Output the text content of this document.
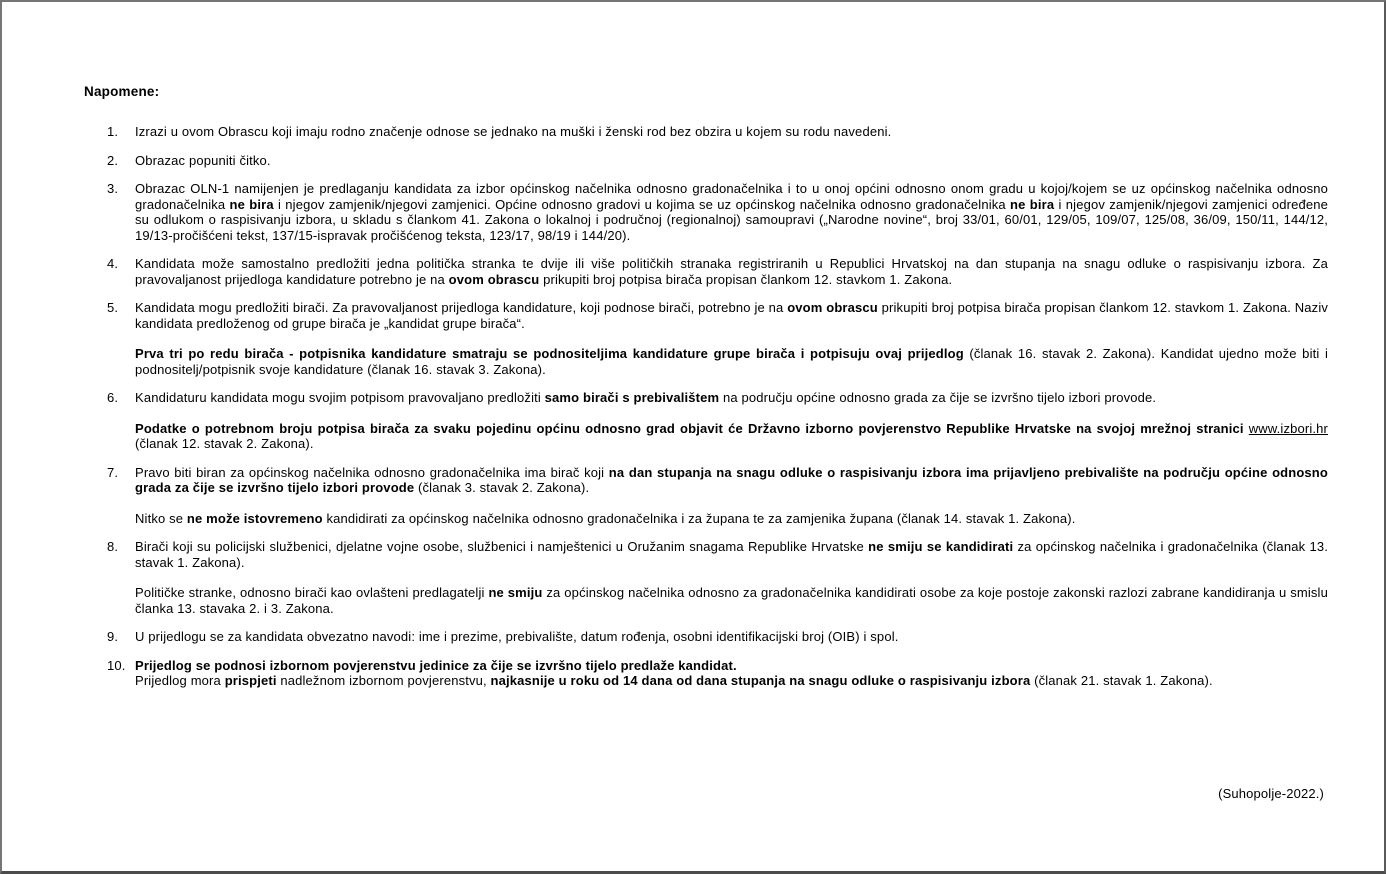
Napomene:
1.	Izrazi u ovom Obrascu koji imaju rodno značenje odnose se jednako na muški i ženski rod bez obzira u kojem su rodu navedeni.

2.	Obrazac popuniti čitko.

3.	Obrazac OLN-1 namijenjen je predlaganju kandidata za izbor općinskog načelnika odnosno gradonačelnika i to u onoj općini odnosno onom gradu u kojoj/kojem se uz općinskog načelnika odnosno gradonačelnika ne bira i njegov zamjenik/njegovi zamjenici. Općine odnosno gradovi u kojima se uz općinskog načelnika odnosno gradonačelnika ne bira i njegov zamjenik/njegovi zamjenici određene su odlukom o raspisivanju izbora, u skladu s člankom 41. Zakona o lokalnoj i područnoj (regionalnoj) samoupravi („Narodne novine“, broj 33/01, 60/01, 129/05, 109/07, 125/08, 36/09, 150/11, 144/12, 19/13-pročišćeni tekst, 137/15-ispravak pročišćenog teksta, 123/17, 98/19 i 144/20).

4.	Kandidata može samostalno predložiti jedna politička stranka te dvije ili više političkih stranaka registriranih u Republici Hrvatskoj na dan stupanja na snagu odluke o raspisivanju izbora. Za pravovaljanost prijedloga kandidature potrebno je na ovom obrascu prikupiti broj potpisa birača propisan člankom 12. stavkom 1. Zakona.

5.	Kandidata mogu predložiti birači. Za pravovaljanost prijedloga kandidature, koji podnose birači, potrebno je na ovom obrascu prikupiti broj potpisa birača propisan člankom 12. stavkom 1. Zakona. Naziv kandidata predloženog od grupe birača je „kandidat grupe birača“.

Prva tri po redu birača - potpisnika kandidature smatraju se podnositeljima kandidature grupe birača i potpisuju ovaj prijedlog (članak 16. stavak 2. Zakona). Kandidat ujedno može biti i podnositelj/potpisnik svoje kandidature (članak 16. stavak 3. Zakona).

6.	Kandidaturu kandidata mogu svojim potpisom pravovaljano predložiti samo birači s prebivalištem na području općine odnosno grada za čije se izvršno tijelo izbori provode.

Podatke o potrebnom broju potpisa birača za svaku pojedinu općinu odnosno grad objavit će Državno izborno povjerenstvo Republike Hrvatske na svojoj mrežnoj stranici www.izbori.hr (članak 12. stavak 2. Zakona).

7.	Pravo biti biran za općinskog načelnika odnosno gradonačelnika ima birač koji na dan stupanja na snagu odluke o raspisivanju izbora ima prijavljeno prebivalište na području općine odnosno grada za čije se izvršno tijelo izbori provode (članak 3. stavak 2. Zakona).

Nitko se ne može istovremeno kandidirati za općinskog načelnika odnosno gradonačelnika i za župana te za zamjenika župana (članak 14. stavak 1. Zakona).

8.	Birači koji su policijski službenici, djelatne vojne osobe, službenici i namještenici u Oružanim snagama Republike Hrvatske ne smiju se kandidirati za općinskog načelnika i gradonačelnika (članak 13. stavak 1. Zakona).

Političke stranke, odnosno birači kao ovlašteni predlagatelji ne smiju za općinskog načelnika odnosno za gradonačelnika kandidirati osobe za koje postoje zakonski razlozi zabrane kandidiranja u smislu članka 13. stavaka 2. i 3. Zakona.

9.	U prijedlogu se za kandidata obvezatno navodi: ime i prezime, prebivalište, datum rođenja, osobni identifikacijski broj (OIB) i spol.

10. Prijedlog se podnosi izbornom povjerenstvu jedinice za čije se izvršno tijelo predlaže kandidat.

Prijedlog mora prispjeti nadležnom izbornom povjerenstvu, najkasnije u roku od 14 dana od dana stupanja na snagu odluke o raspisivanju izbora (članak 21. stavak 1. Zakona).

(Suhopolje-2022.)
